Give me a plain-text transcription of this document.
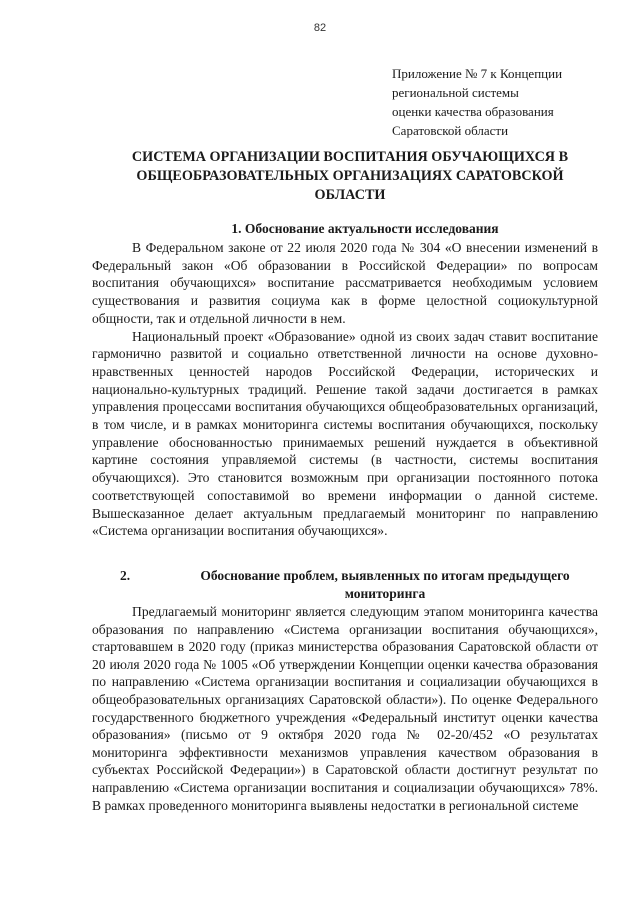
82
Приложение № 7 к Концепции
региональной системы
оценки качества образования
Саратовской области
СИСТЕМА ОРГАНИЗАЦИИ ВОСПИТАНИЯ ОБУЧАЮЩИХСЯ В
ОБЩЕОБРАЗОВАТЕЛЬНЫХ ОРГАНИЗАЦИЯХ САРАТОВСКОЙ
ОБЛАСТИ
1. Обоснование актуальности исследования

В Федеральном законе от 22 июля 2020 года № 304 «О внесении изменений в Федеральный закон «Об образовании в Российской Федерации» по вопросам воспитания обучающихся» воспитание рассматривается необходимым условием существования и развития социума как в форме целостной социокультурной общности, так и отдельной личности в нем.

Национальный проект «Образование» одной из своих задач ставит воспитание гармонично развитой и социально ответственной личности на основе духовно-нравственных ценностей народов Российской Федерации, исторических и национально-культурных традиций. Решение такой задачи достигается в рамках управления процессами воспитания обучающихся общеобразовательных организаций, в том числе, и в рамках мониторинга системы воспитания обучающихся, поскольку управление обоснованностью принимаемых решений нуждается в объективной картине состояния управляемой системы (в частности, системы воспитания обучающихся). Это становится возможным при организации постоянного потока соответствующей сопоставимой во времени информации о данной системе. Вышесказанное делает актуальным предлагаемый мониторинг по направлению «Система организации воспитания обучающихся».

2.	Обоснование проблем, выявленных по итогам предыдущего мониторинга

Предлагаемый мониторинг является следующим этапом мониторинга качества образования по направлению «Система организации воспитания обучающихся», стартовавшем в 2020 году (приказ министерства образования Саратовской области от 20 июля 2020 года № 1005 «Об утверждении Концепции оценки качества образования по направлению «Система организации воспитания и социализации обучающихся в общеобразовательных организациях Саратовской области»). По оценке Федерального государственного бюджетного учреждения «Федеральный институт оценки качества образования» (письмо от 9 октября 2020 года № 02-20/452 «О результатах мониторинга эффективности механизмов управления качеством образования в субъектах Российской Федерации») в Саратовской области достигнут результат по направлению «Система организации воспитания и социализации обучающихся» 78%. В рамках проведенного мониторинга выявлены недостатки в региональной системе
